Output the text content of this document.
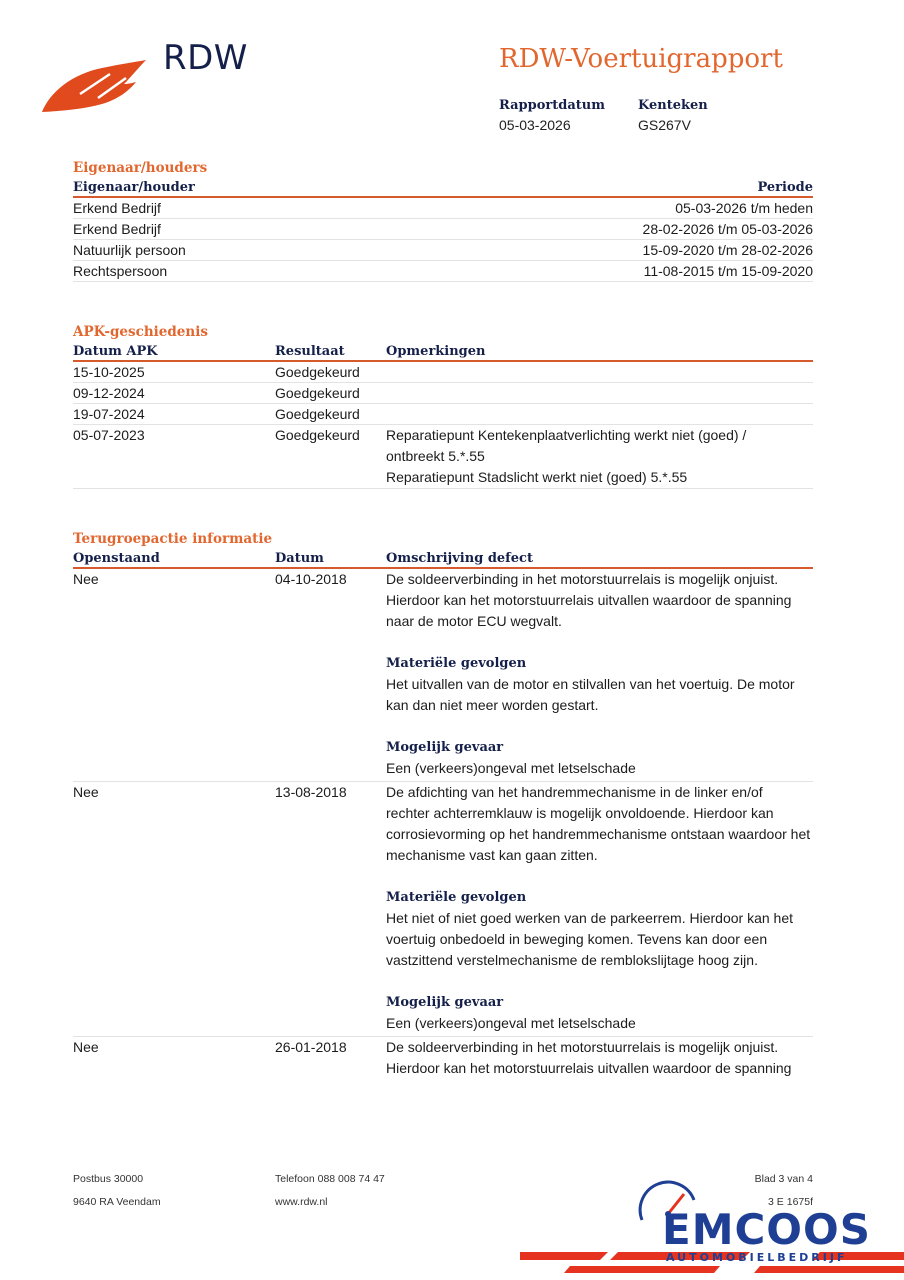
RDW	RDW-Voertuigrapport
Rapportdatum
05-03-2026
Kenteken
GS267V
Eigenaar/houders
Eigenaar/houder	Periode
Erkend Bedrijf	05-03-2026 t/m heden
Erkend Bedrijf	28-02-2026 t/m 05-03-2026
Natuurlijk persoon	15-09-2020 t/m 28-02-2026
Rechtspersoon	11-08-2015 t/m 15-09-2020
APK-geschiedenis
Datum APK	Resultaat	Opmerkingen
15-10-2025	Goedgekeurd
09-12-2024	Goedgekeurd
19-07-2024	Goedgekeurd
05-07-2023	Goedgekeurd Reparatiepunt Kentekenplaatverlichting werkt niet (goed) /
ontbreekt 5.*.55
Reparatiepunt Stadslicht werkt niet (goed) 5.*.55
Terugroepactie informatie
Openstaand	Datum	Omschrijving defect
Nee	04-10-2018	De soldeerverbinding in het motorstuurrelais is mogelijk onjuist.
Hierdoor kan het motorstuurrelais uitvallen waardoor de spanning
naar de motor ECU wegvalt.
Materiële gevolgen
Het uitvallen van de motor en stilvallen van het voertuig. De motor
kan dan niet meer worden gestart.
Mogelijk gevaar
Een (verkeers)ongeval met letselschade
Nee	13-08-2018	De afdichting van het handremmechanisme in de linker en/of
rechter achterremklauw is mogelijk onvoldoende. Hierdoor kan
corrosievorming op het handremmechanisme ontstaan waardoor het
mechanisme vast kan gaan zitten.
Materiële gevolgen
Het niet of niet goed werken van de parkeerrem. Hierdoor kan het
voertuig onbedoeld in beweging komen. Tevens kan door een
vastzittend verstelmechanisme de remblokslijtage hoog zijn.
Mogelijk gevaar
Een (verkeers)ongeval met letselschade
Nee	26-01-2018	De soldeerverbinding in het motorstuurrelais is mogelijk onjuist.
Hierdoor kan het motorstuurrelais uitvallen waardoor de spanning
Postbus 30000
9640 RA Veendam
Telefoon 088 008 74 47
www.rdw.nl
Blad 3 van 4
3 E 1675f
EMCOOS
AUTOMOBIELBEDRIJF
